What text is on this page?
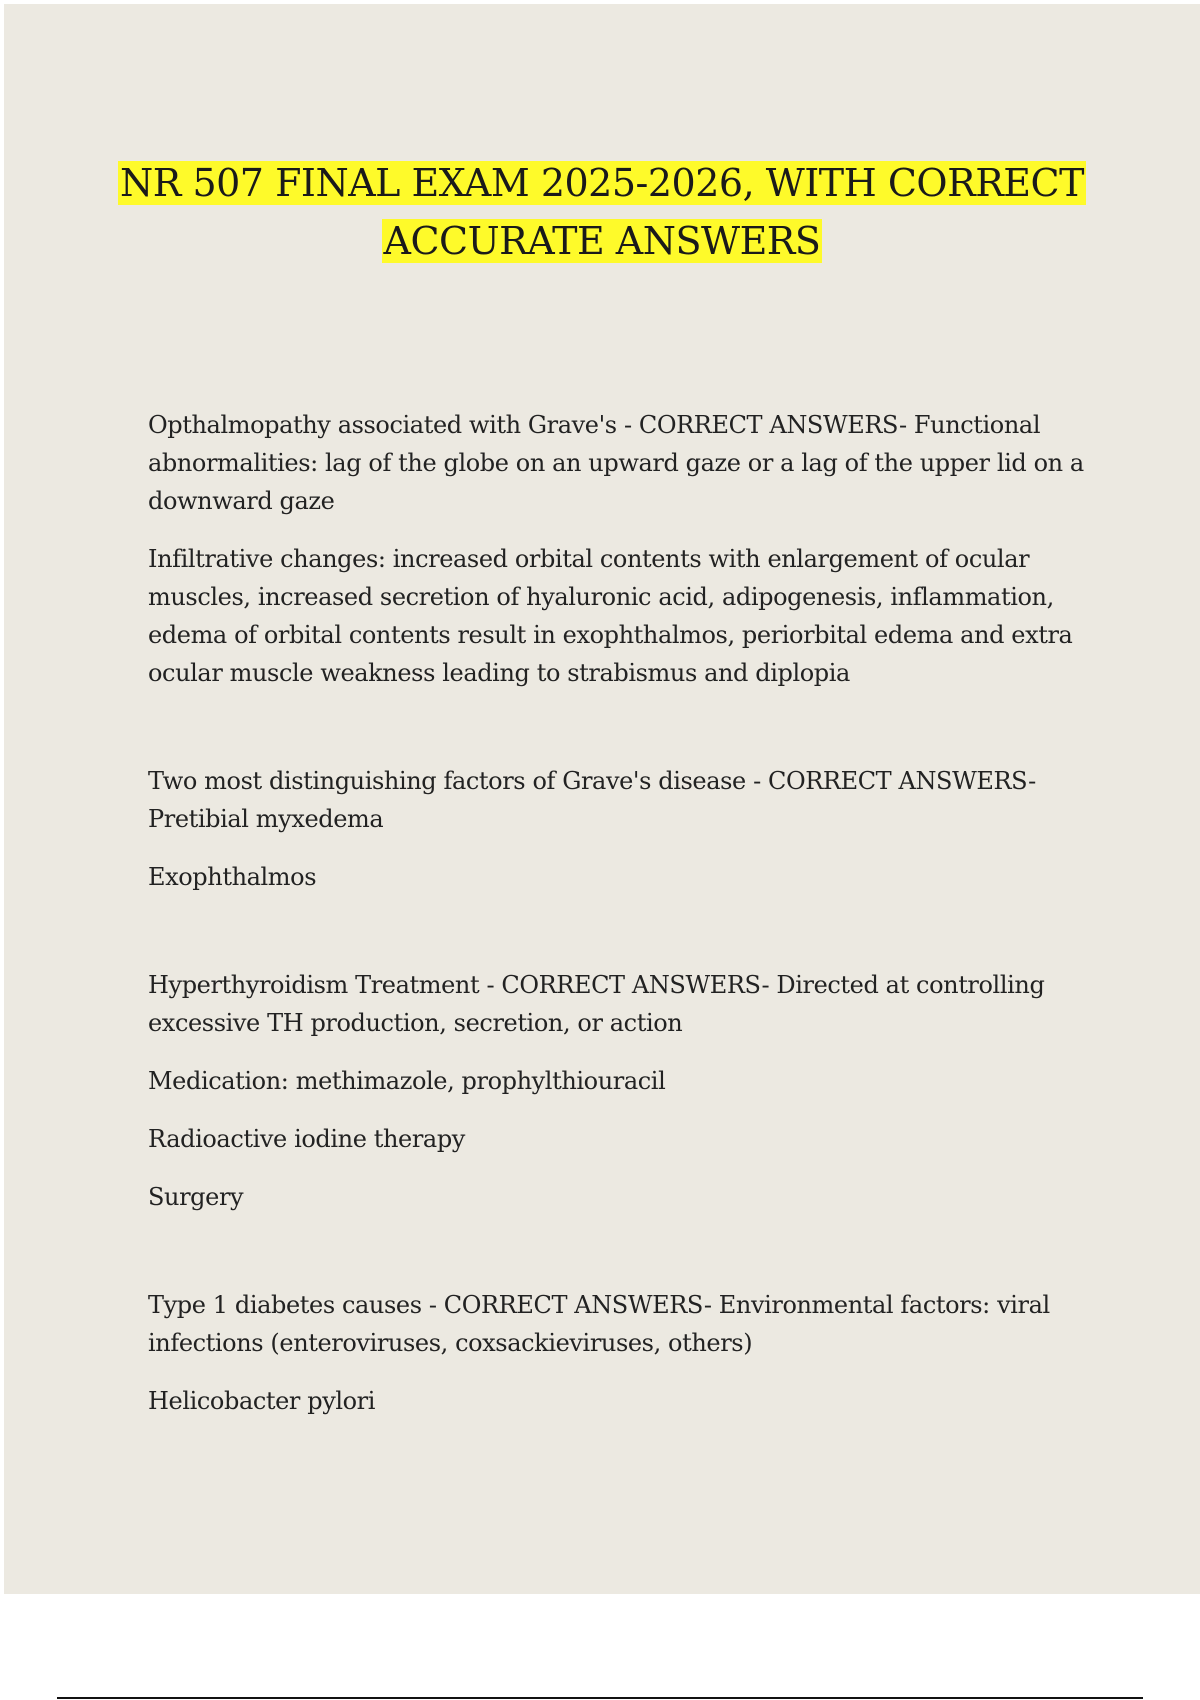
NR 507 FINAL EXAM 2025-2026, WITH CORRECT
ACCURATE ANSWERS

Opthalmopathy associated with Grave's - CORRECT ANSWERS- Functional abnormalities: lag of the globe on an upward gaze or a lag of the upper lid on a downward gaze

Infiltrative changes: increased orbital contents with enlargement of ocular muscles, increased secretion of hyaluronic acid, adipogenesis, inflammation, edema of orbital contents result in exophthalmos, periorbital edema and extra ocular muscle weakness leading to strabismus and diplopia

Two most distinguishing factors of Grave's disease - CORRECT ANSWERS- Pretibial myxedema

Exophthalmos

Hyperthyroidism Treatment - CORRECT ANSWERS- Directed at controlling excessive TH production, secretion, or action

Medication: methimazole, prophylthiouracil

Radioactive iodine therapy

Surgery

Type 1 diabetes causes - CORRECT ANSWERS- Environmental factors: viral infections (enteroviruses, coxsackieviruses, others)

Helicobacter pylori
